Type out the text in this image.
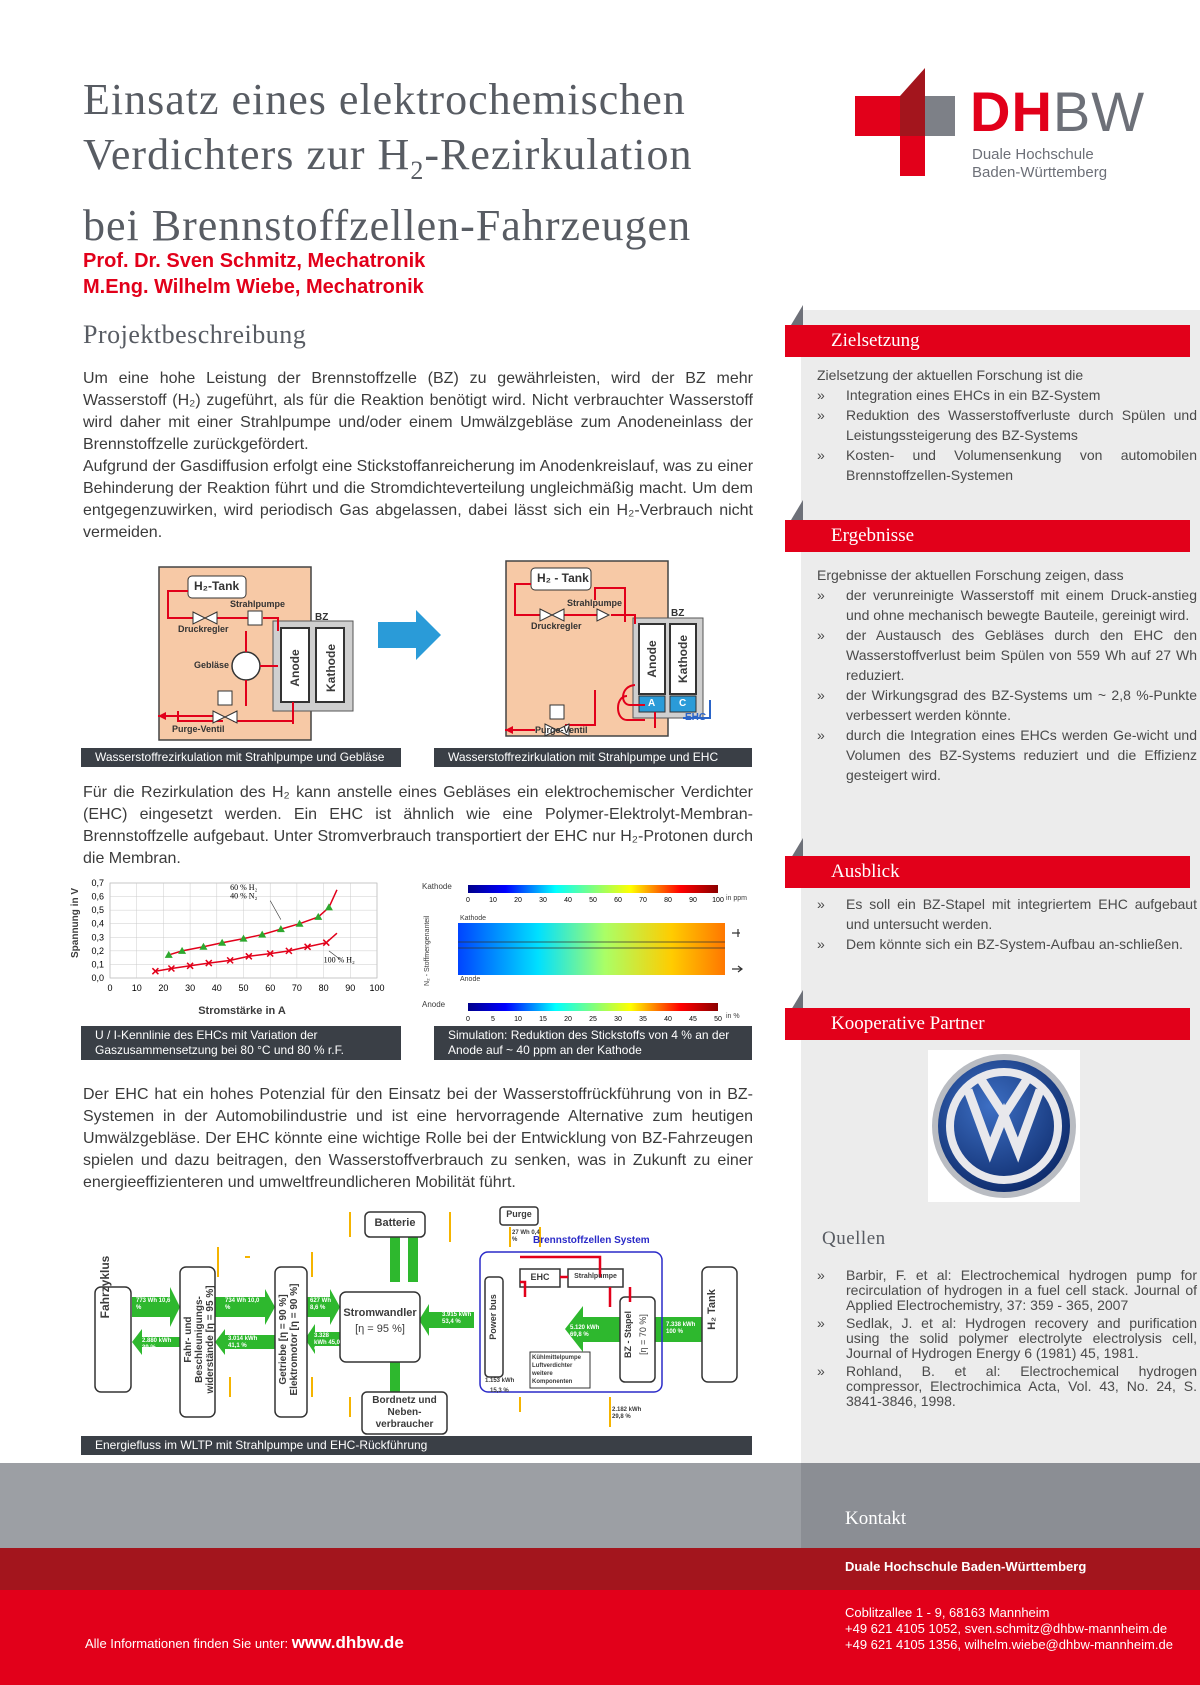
Einsatz eines elektrochemischen
Verdichters zur $H_2$-Rezirkulation
bei Brennstoffzellen-Fahrzeugen
Prof. Dr. Sven Schmitz, Mechatronik
M.Eng. Wilhelm Wiebe, Mechatronik
DHBW
Duale Hochschule
Baden-Württemberg
Projektbeschreibung
Um eine hohe Leistung der Brennstoffzelle (BZ) zu gewährleisten, wird der BZ mehr Wasserstoff (H₂) zugeführt, als für die Reaktion benötigt wird. Nicht verbrauchter Wasserstoff wird daher mit einer Strahlpumpe und/oder einem Umwälzgebläse zum Anodeneinlass der Brennstoffzelle zurückgefördert.
Aufgrund der Gasdiffusion erfolgt eine Stickstoffanreicherung im Anodenkreislauf, was zu einer Behinderung der Reaktion führt und die Stromdichteverteilung ungleichmäßig macht. Um dem entgegenzuwirken, wird periodisch Gas abgelassen, dabei lässt sich ein H₂-Verbrauch nicht vermeiden.
H₂-Tank
Strahlpumpe
Druckregler
Gebläse
BZ
Anode Kathode
Purge-Ventil
Wasserstoffrezirkulation mit Strahlpumpe und Gebläse
H₂ - Tank
Strahlpumpe
Druckregler
BZ
Anode Kathode
A C
EHC
Purge-Ventil
Wasserstoffrezirkulation mit Strahlpumpe und EHC
Für die Rezirkulation des H₂ kann anstelle eines Gebläses ein elektrochemischer Verdichter (EHC) eingesetzt werden. Ein EHC ist ähnlich wie eine Polymer-Elektrolyt-Membran-Brennstoffzelle aufgebaut. Unter Stromverbrauch transportiert der EHC nur H₂-Protonen durch die Membran.
0 10 20 30 40 50 60 70 80 90 100
0,0
0,1
0,2
0,3
0,4
0,5
0,6
0,7	60 % H₂
40 % N₂
100 % H₂
Spannung in V
Stromstärke in A
U / I-Kennlinie des EHCs mit Variation der Gaszusammensetzung bei 80 °C und 80 % r.F.
0	10 20 30 40 50 60 70 80 90 100
0	5	10 15 20 25 30 35 40 45 50
Kathode
in ppm
Kathode
Anode
N₂ - Stoffmengenanteil
Anode
in %
Simulation: Reduktion des Stickstoffs von 4 % an der Anode auf ~ 40 ppm an der Kathode
Der EHC hat ein hohes Potenzial für den Einsatz bei der Wasserstoffrückführung von in BZ-Systemen in der Automobilindustrie und ist eine hervorragende Alternative zum heutigen Umwälzgebläse. Der EHC könnte eine wichtige Rolle bei der Entwicklung von BZ-Fahrzeugen spielen und dazu beitragen, den Wasserstoffverbrauch zu senken, was in Zukunft zu einer energieeffizienteren und umweltfreundlicheren Mobilität führt.
Fahrzyklus
Fahr- und Beschleunigungs-widerstände [η = 95 %]	Getriebe [η = 90 %] Elektromotor [η = 90 %]	Stromwandler
[η = 95 %]
Batterie
Bordnetz und Neben-verbraucher
Purge
Brennstoffzellen System
EHC	Strahlpumpe
Power bus	BZ - Stapel [η = 70 %]
Kühlmittelpumpe Luftverdichter weitere Komponenten
H₂ Tank
773 Wh 10,6 %
2.880 kWh 39 %
734 Wh 10,0 %
3.014 kWh 41,1 %
627 Wh 8,6 %
3.328 kWh 45,0 %
3.915 kWh 53,4 %	7.338 kWh 100 %
5.120 kWh 69,8 %
1.153 kWh
15,3 %
2.182 kWh 29,8 %
27 Wh 0,4 %
Energiefluss im WLTP mit Strahlpumpe und EHC-Rückführung
Zielsetzung
Zielsetzung der aktuellen Forschung ist die
» Integration eines EHCs in ein BZ-System
» Reduktion des Wasserstoffverluste durch Spülen und Leistungssteigerung des BZ-Systems
» Kosten- und Volumensenkung von automobilen Brennstoffzellen-Systemen
Ergebnisse
Ergebnisse der aktuellen Forschung zeigen, dass
» der verunreinigte Wasserstoff mit einem Druck-anstieg und ohne mechanisch bewegte Bauteile, gereinigt wird.
» der Austausch des Gebläses durch den EHC den Wasserstoffverlust beim Spülen von 559 Wh auf 27 Wh reduziert.
» der Wirkungsgrad des BZ-Systems um ~ 2,8 %-Punkte verbessert werden könnte.
» durch die Integration eines EHCs werden Ge-wicht und Volumen des BZ-Systems reduziert und die Effizienz gesteigert wird.
Ausblick
» Es soll ein BZ-Stapel mit integriertem EHC aufgebaut und untersucht werden.
» Dem könnte sich ein BZ-System-Aufbau an-schließen.
Kooperative Partner
Quellen
» Barbir, F. et al: Electrochemical hydrogen pump for recirculation of hydrogen in a fuel cell stack. Journal of Applied Electrochemistry, 37: 359 - 365, 2007
» Sedlak, J. et al: Hydrogen recovery and purification using the solid polymer electrolyte electrolysis cell, Journal of Hydrogen Energy 6 (1981) 45, 1981.
» Rohland, B. et al: Electrochemical hydrogen compressor, Electrochimica Acta, Vol. 43, No. 24, S. 3841-3846, 1998.
Kontakt
Duale Hochschule Baden-Württemberg
Coblitzallee 1 - 9, 68163 Mannheim
+49 621 4105 1052, sven.schmitz@dhbw-mannheim.de
+49 621 4105 1356, wilhelm.wiebe@dhbw-mannheim.de
Alle Informationen finden Sie unter: www.dhbw.de
